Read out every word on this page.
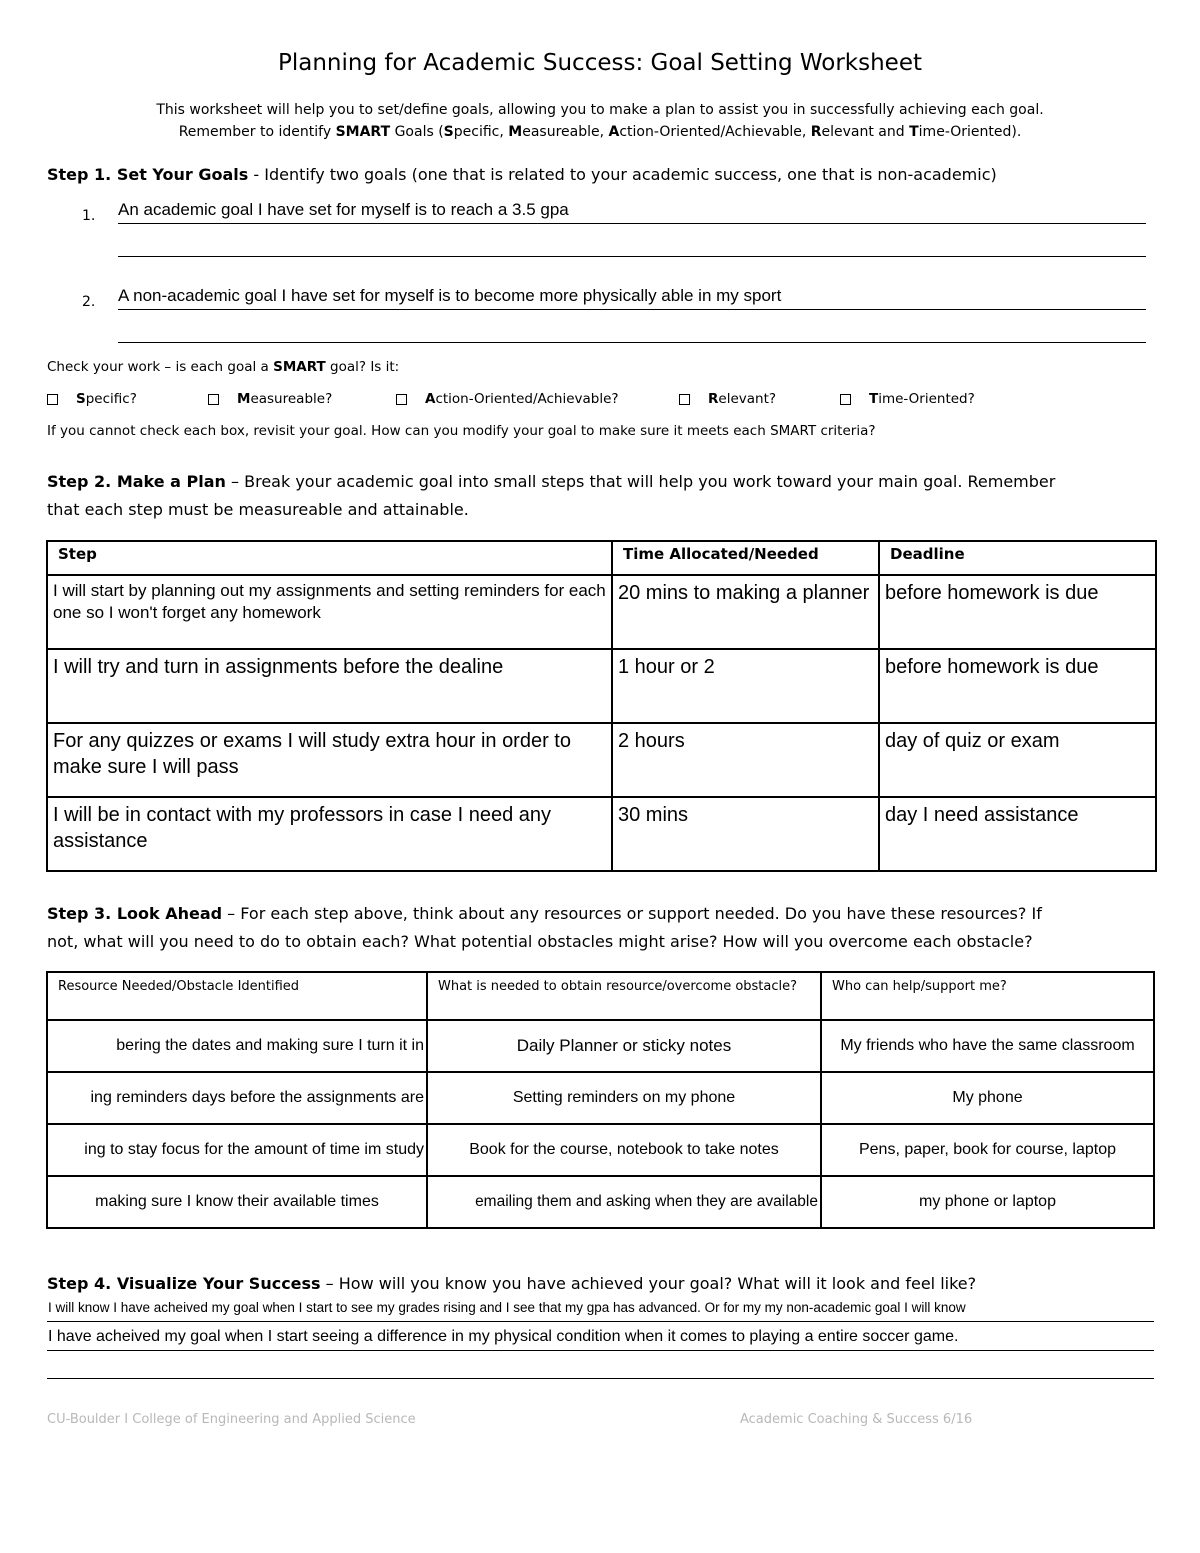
Planning for Academic Success: Goal Setting Worksheet
This worksheet will help you to set/define goals, allowing you to make a plan to assist you in successfully achieving each goal.
Remember to identify SMART Goals (Specific, Measureable, Action-Oriented/Achievable, Relevant and Time-Oriented).
Step 1. Set Your Goals - Identify two goals (one that is related to your academic success, one that is non-academic)
1. An academic goal I have set for myself is to reach a 3.5 gpa
2. A non-academic goal I have set for myself is to become more physically able in my sport
Check your work – is each goal a SMART goal? Is it:
Specific?	Measureable?	Action-Oriented/Achievable?	Relevant?	Time-Oriented?
If you cannot check each box, revisit your goal. How can you modify your goal to make sure it meets each SMART criteria?
Step 2. Make a Plan – Break your academic goal into small steps that will help you work toward your main goal. Remember
that each step must be measureable and attainable.
Step	Time Allocated/Needed	Deadline
I will start by planning out my assignments and setting reminders for each one so I won't forget any homework	20 mins to making a planner	before homework is due
I will try and turn in assignments before the dealine	1 hour or 2	before homework is due
For any quizzes or exams I will study extra hour in order to make sure I will pass	2 hours	day of quiz or exam
I will be in contact with my professors in case I need any assistance	30 mins	day I need assistance
Step 3. Look Ahead – For each step above, think about any resources or support needed. Do you have these resources? If
not, what will you need to do to obtain each? What potential obstacles might arise? How will you overcome each obstacle?
Resource Needed/Obstacle Identified	What is needed to obtain resource/overcome obstacle?	Who can help/support me?
bering the dates and making sure I turn it in	Daily Planner or sticky notes	My friends who have the same classroom
ing reminders days before the assignments are	Setting reminders on my phone	My phone
ing to stay focus for the amount of time im study	Book for the course, notebook to take notes	Pens, paper, book for course, laptop
making sure I know their available times	emailing them and asking when they are available	my phone or laptop
Step 4. Visualize Your Success – How will you know you have achieved your goal? What will it look and feel like?
I will know I have acheived my goal when I start to see my grades rising and I see that my gpa has advanced. Or for my my non-academic goal I will know
I have acheived my goal when I start seeing a difference in my physical condition when it comes to playing a entire soccer game.
CU-Boulder I College of Engineering and Applied Science	Academic Coaching & Success 6/16
